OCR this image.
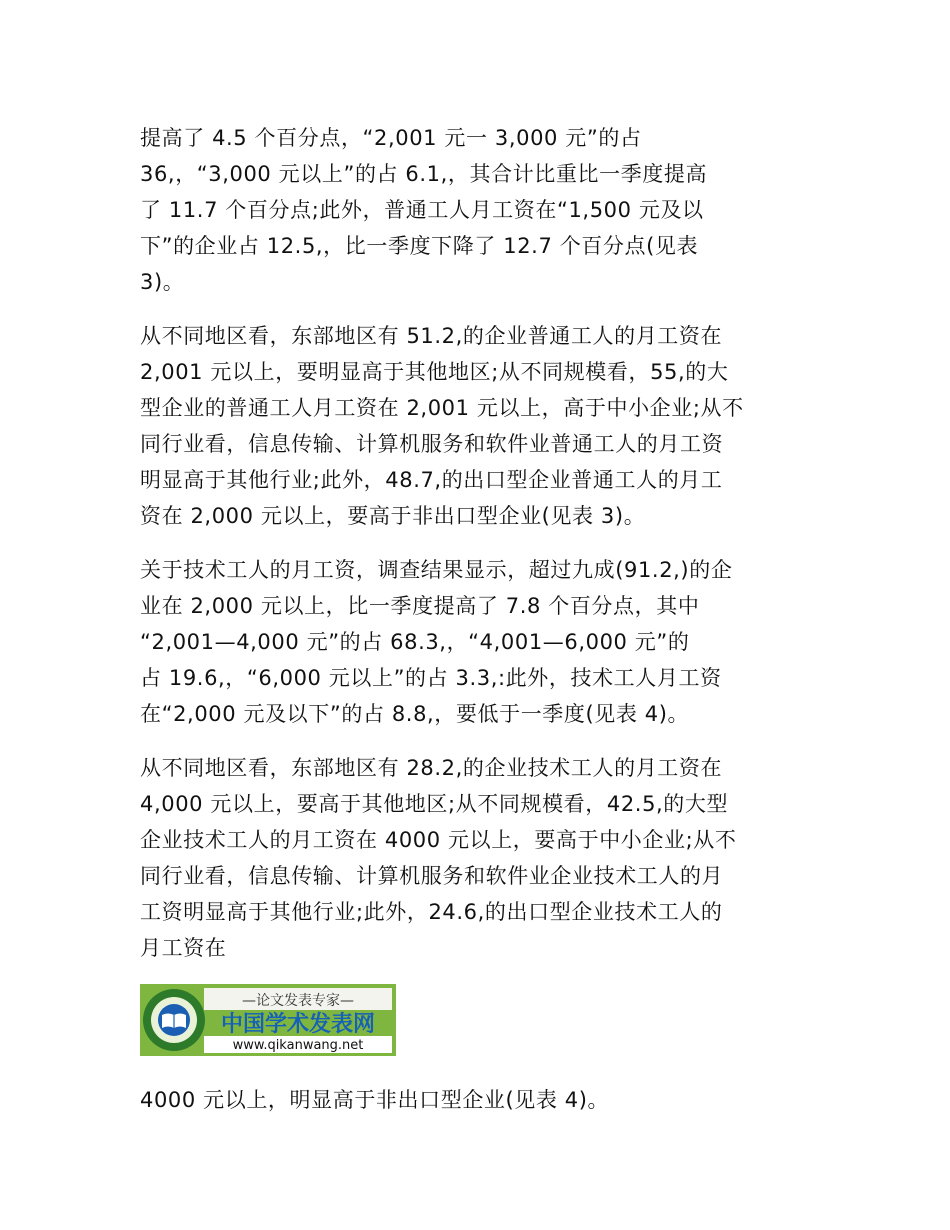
提高了 4.5 个百分点，“2,001 元一 3,000 元”的占
36,，“3,000 元以上”的占 6.1,，其合计比重比一季度提高
了 11.7 个百分点;此外，普通工人月工资在“1,500 元及以
下”的企业占 12.5,，比一季度下降了 12.7 个百分点(见表
3)。

从不同地区看，东部地区有 51.2,的企业普通工人的月工资在
2,001 元以上，要明显高于其他地区;从不同规模看，55,的大
型企业的普通工人月工资在 2,001 元以上，高于中小企业;从不
同行业看，信息传输、计算机服务和软件业普通工人的月工资
明显高于其他行业;此外，48.7,的出口型企业普通工人的月工
资在 2,000 元以上，要高于非出口型企业(见表 3)。

关于技术工人的月工资，调查结果显示，超过九成(91.2,)的企
业在 2,000 元以上，比一季度提高了 7.8 个百分点，其中
“2,001—4,000 元”的占 68.3,，“4,001—6,000 元”的
占 19.6,，“6,000 元以上”的占 3.3,:此外，技术工人月工资
在“2,000 元及以下”的占 8.8,，要低于一季度(见表 4)。

从不同地区看，东部地区有 28.2,的企业技术工人的月工资在
4,000 元以上，要高于其他地区;从不同规模看，42.5,的大型
企业技术工人的月工资在 4000 元以上，要高于中小企业;从不
同行业看，信息传输、计算机服务和软件业企业技术工人的月
工资明显高于其他行业;此外，24.6,的出口型企业技术工人的
月工资在

—论文发表专家—
中国学术发表网
www.qikanwang.net

4000 元以上，明显高于非出口型企业(见表 4)。
